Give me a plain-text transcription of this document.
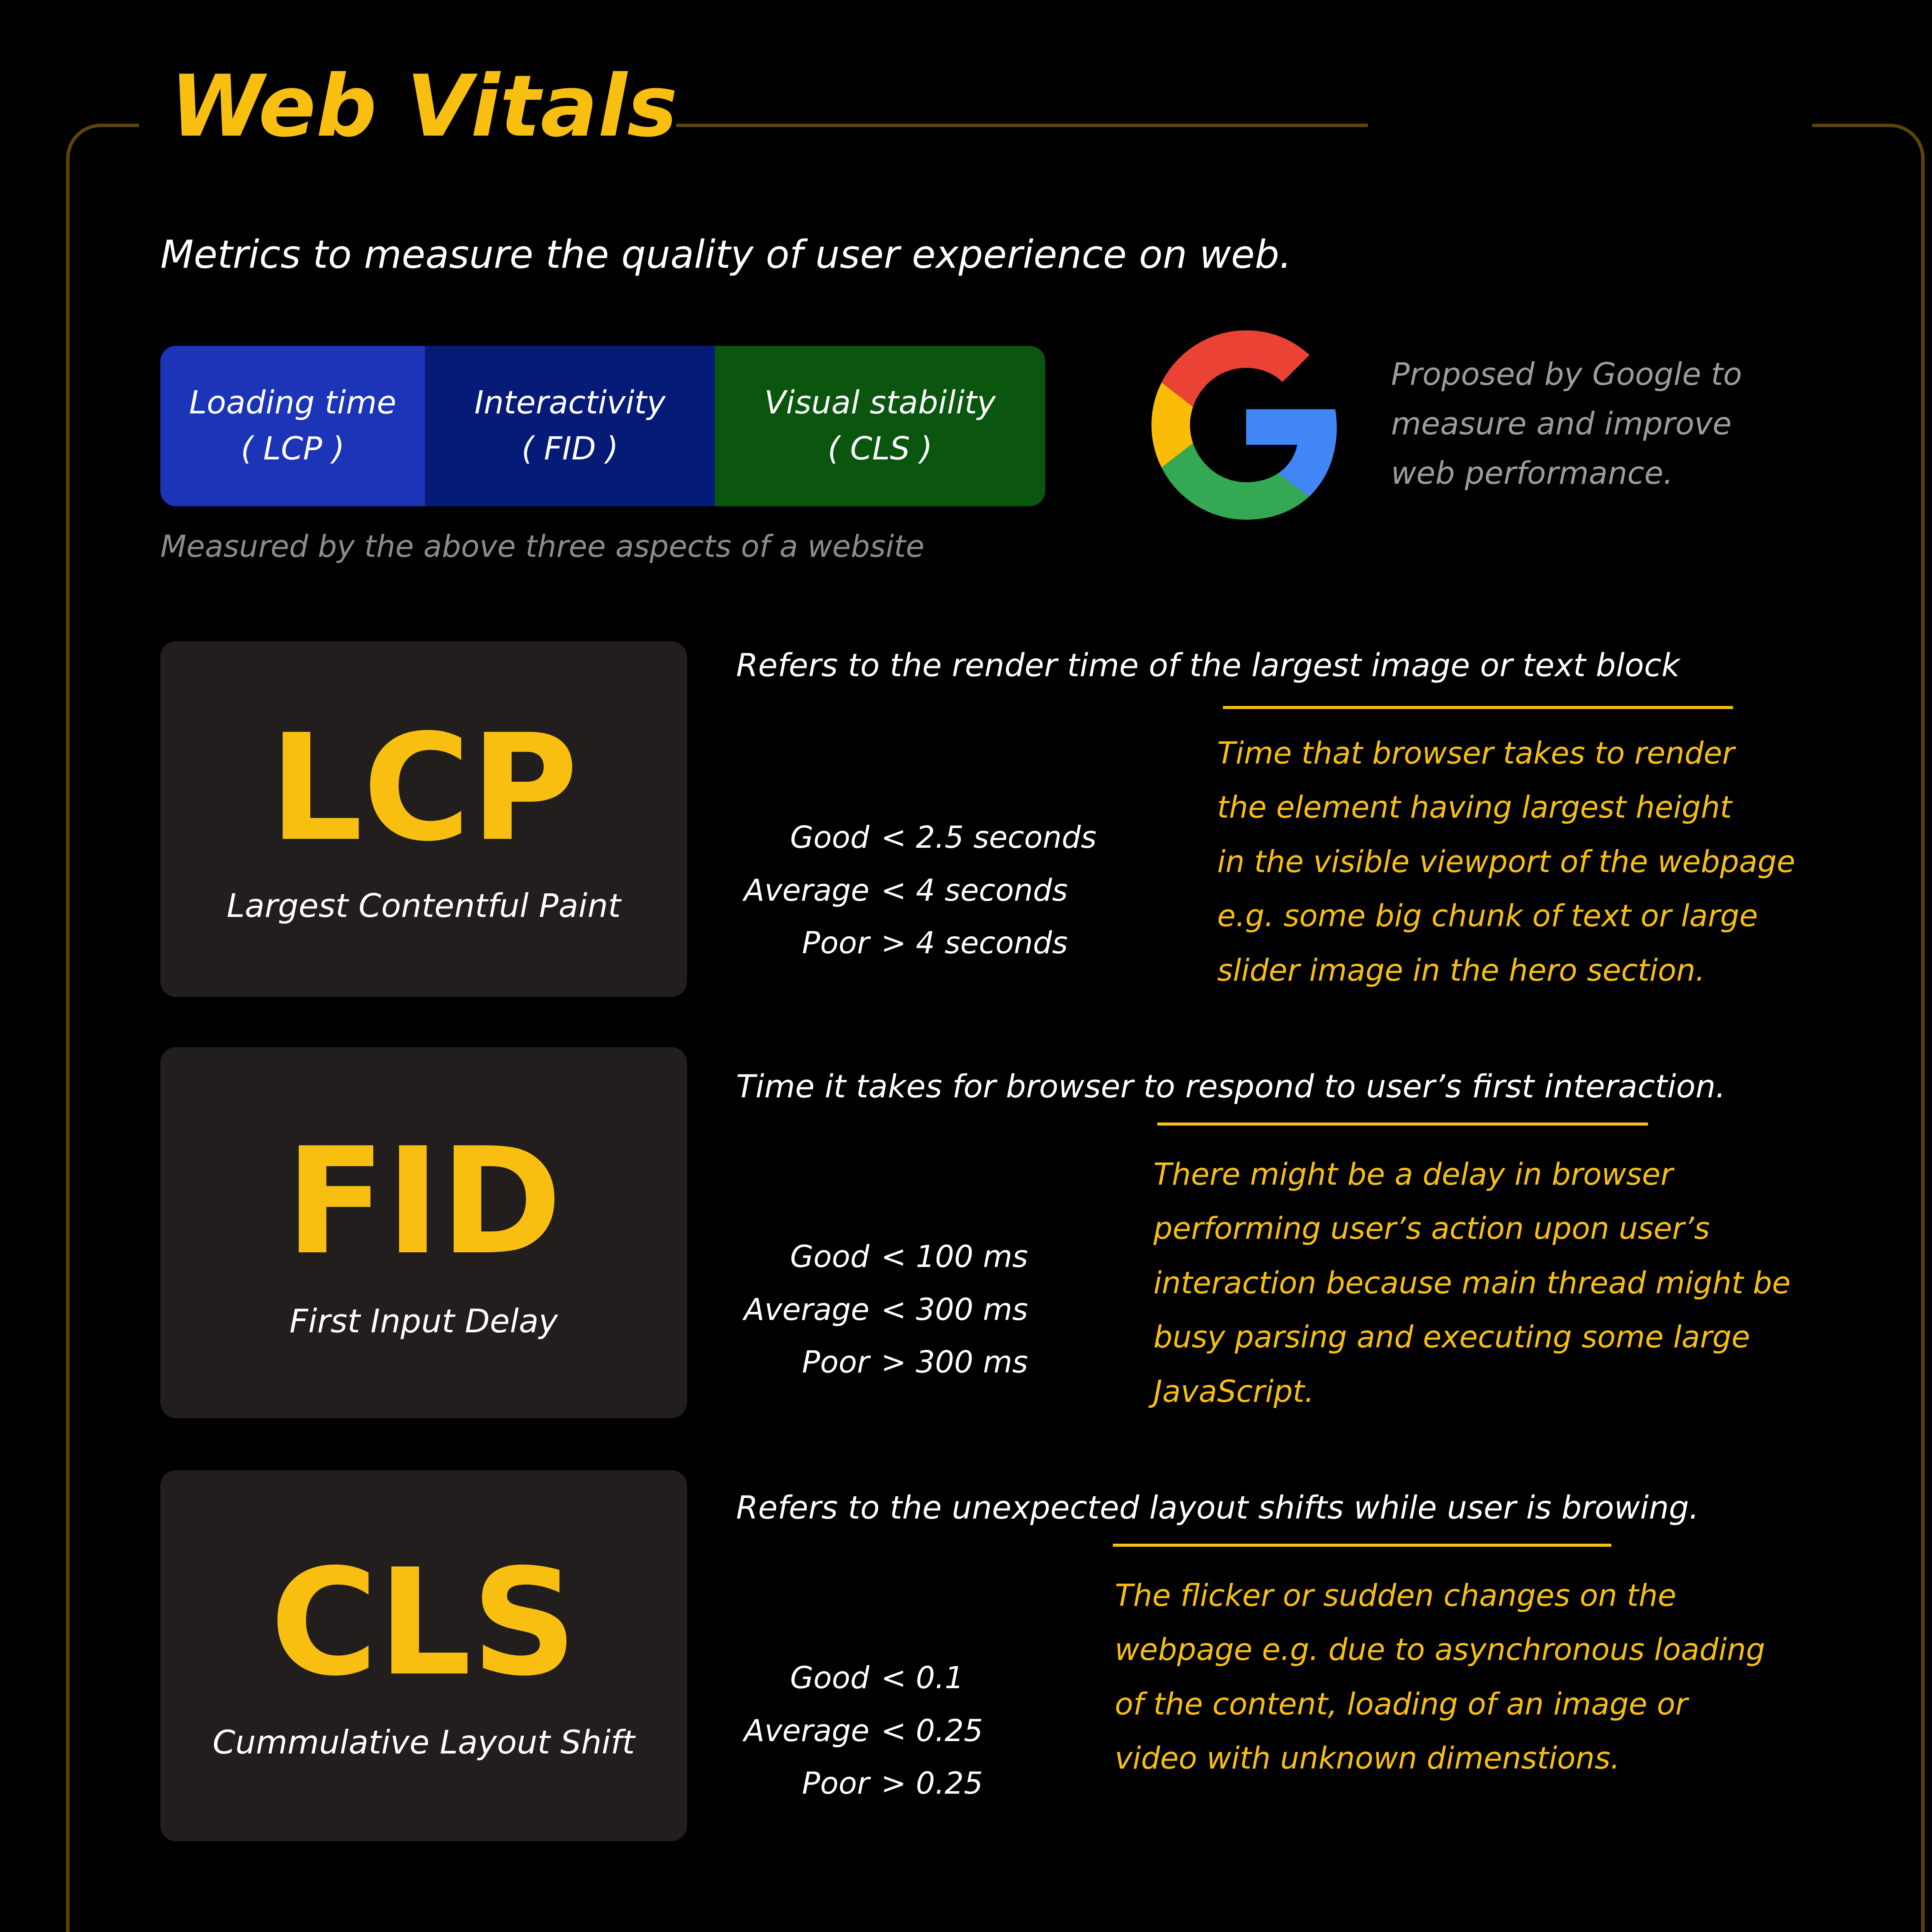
Web Vitals
Metrics to measure the quality of user experience on web.
Loading time
( LCP )
Interactivity
( FID )
Visual stability
( CLS )
Measured by the above three aspects of a website
Proposed by Google to
measure and improve
web performance.
LCP
Largest Contentful Paint
Refers to the render time of the largest image or text block
Good < 2.5 seconds
Average < 4 seconds
Poor > 4 seconds
Time that browser takes to render
the element having largest height
in the visible viewport of the webpage
e.g. some big chunk of text or large
slider image in the hero section.
FID
First Input Delay
Time it takes for browser to respond to user’s first interaction.
Good < 100 ms
Average < 300 ms
Poor > 300 ms
There might be a delay in browser
performing user’s action upon user’s
interaction because main thread might be
busy parsing and executing some large
JavaScript.
CLS
Cummulative Layout Shift
Refers to the unexpected layout shifts while user is browing.
Good < 0.1
Average < 0.25
Poor > 0.25
The flicker or sudden changes on the
webpage e.g. due to asynchronous loading
of the content, loading of an image or
video with unknown dimenstions.
